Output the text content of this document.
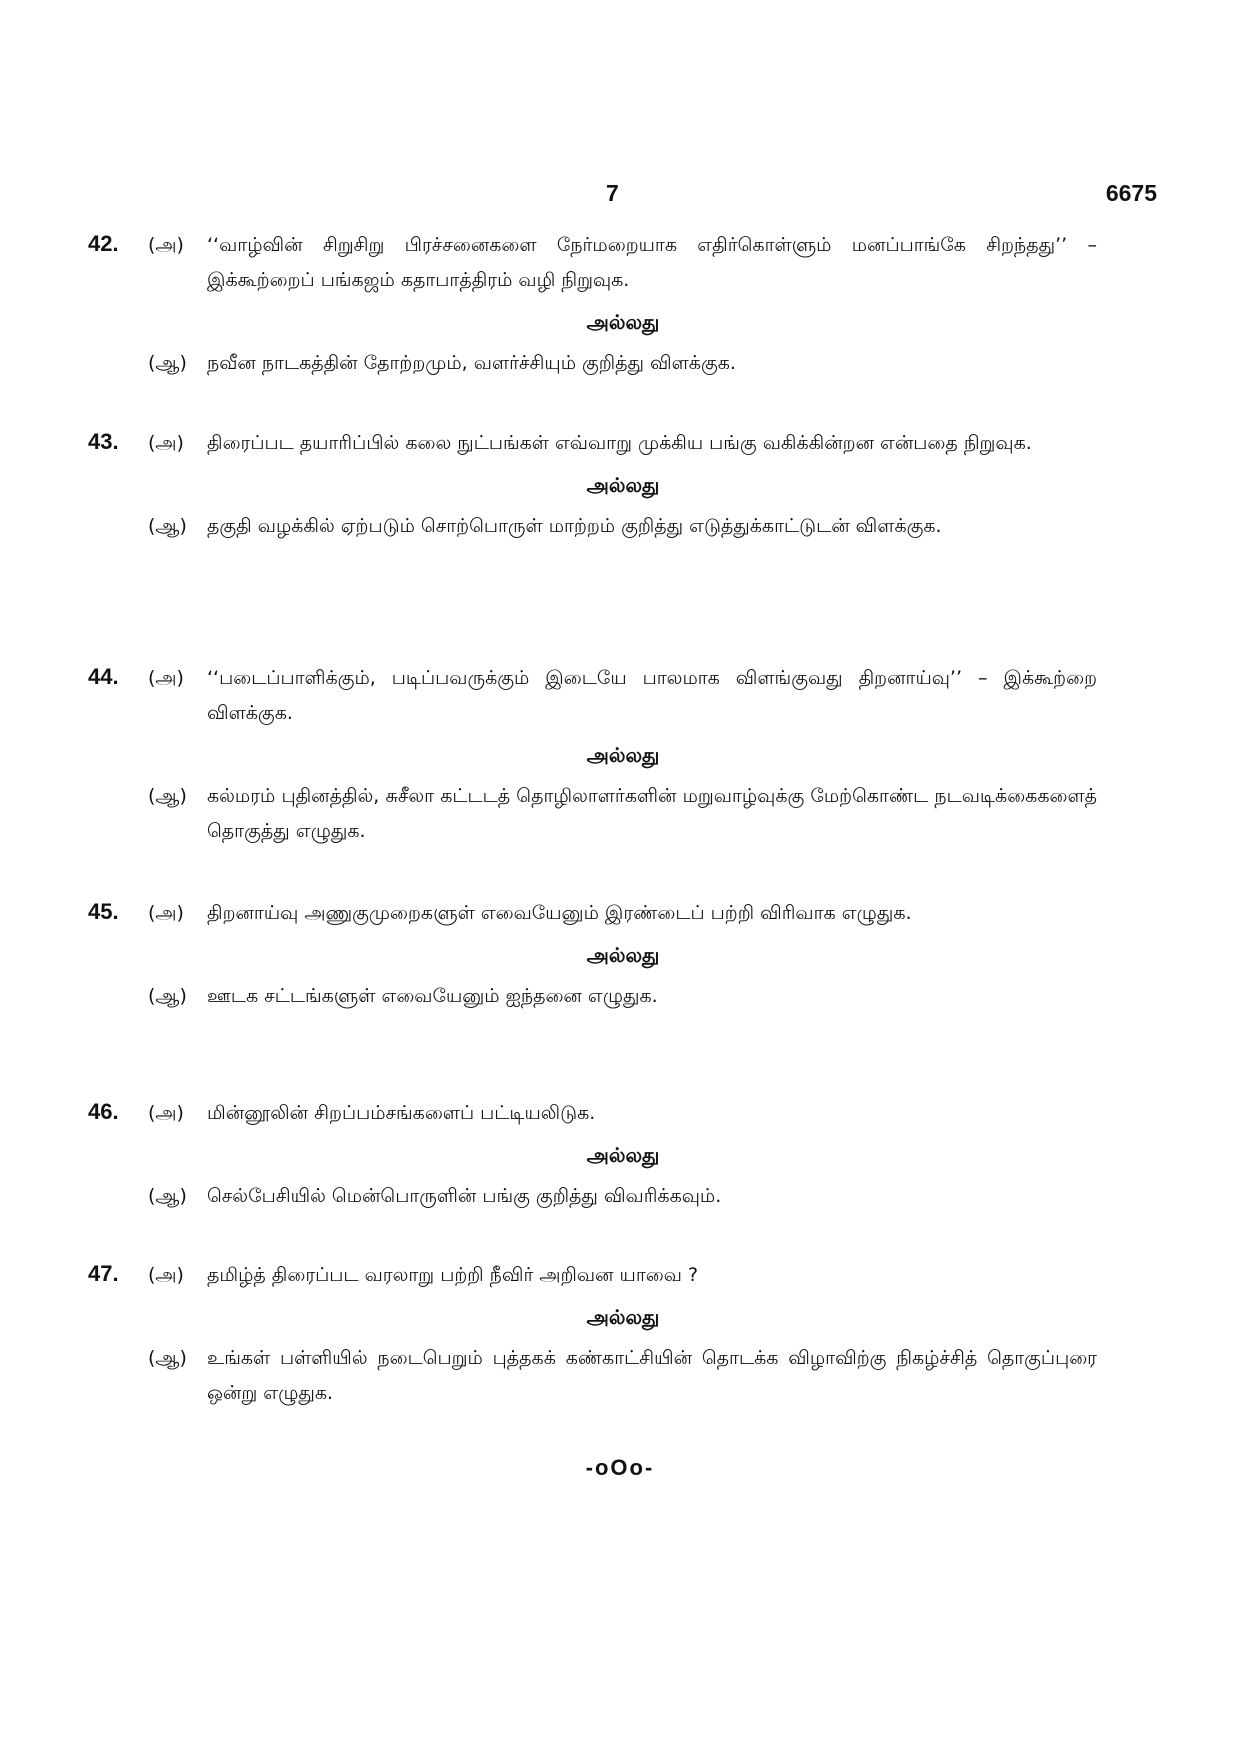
7	6675
42. (அ) ‘‘வாழ்வின் சிறுசிறு பிரச்சனைகளை நேர்மறையாக எதிர்கொள்ளும் மனப்பாங்கே சிறந்தது’’ – இக்கூற்றைப் பங்கஜம் கதாபாத்திரம் வழி நிறுவுக.
அல்லது
(ஆ) நவீன நாடகத்தின் தோற்றமும், வளர்ச்சியும் குறித்து விளக்குக.
43. (அ) திரைப்பட தயாரிப்பில் கலை நுட்பங்கள் எவ்வாறு முக்கிய பங்கு வகிக்கின்றன என்பதை நிறுவுக.
அல்லது
(ஆ) தகுதி வழக்கில் ஏற்படும் சொற்பொருள் மாற்றம் குறித்து எடுத்துக்காட்டுடன் விளக்குக.
44. (அ) ‘‘படைப்பாளிக்கும், படிப்பவருக்கும் இடையே பாலமாக விளங்குவது திறனாய்வு’’ – இக்கூற்றை விளக்குக.
அல்லது
(ஆ) கல்மரம் புதினத்தில், சுசீலா கட்டடத் தொழிலாளர்களின் மறுவாழ்வுக்கு மேற்கொண்ட நடவடிக்கைகளைத் தொகுத்து எழுதுக.
45. (அ) திறனாய்வு அணுகுமுறைகளுள் எவையேனும் இரண்டைப் பற்றி விரிவாக எழுதுக.
அல்லது
(ஆ) ஊடக சட்டங்களுள் எவையேனும் ஐந்தனை எழுதுக.
46. (அ) மின்னூலின் சிறப்பம்சங்களைப் பட்டியலிடுக.
அல்லது
(ஆ) செல்பேசியில் மென்பொருளின் பங்கு குறித்து விவரிக்கவும்.
47. (அ) தமிழ்த் திரைப்பட வரலாறு பற்றி நீவிர் அறிவன யாவை ?
அல்லது
(ஆ) உங்கள் பள்ளியில் நடைபெறும் புத்தகக் கண்காட்சியின் தொடக்க விழாவிற்கு நிகழ்ச்சித் தொகுப்புரை ஒன்று எழுதுக.
-oOo-
